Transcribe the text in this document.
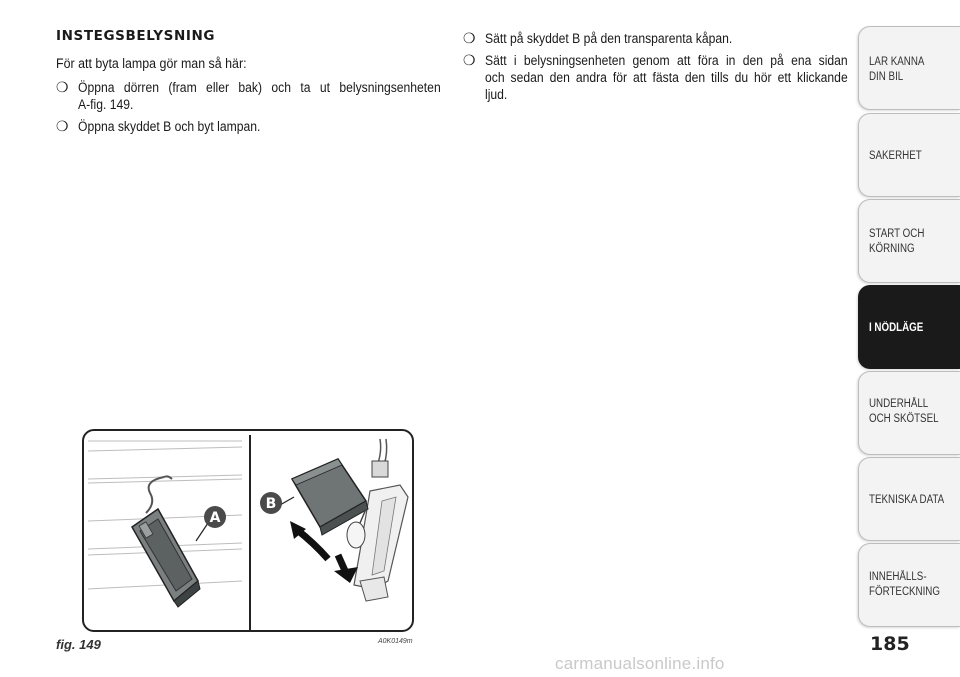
INSTEGSBELYSNING
För att byta lampa gör man så här:
❍ Öppna dörren (fram eller bak) och ta ut belysningsenheten
A-fig. 149.
❍ Öppna skyddet B och byt lampan.
❍ Sätt på skyddet B på den transparenta kåpan.
❍ Sätt i belysningsenheten genom att föra in den på ena sidan
och sedan den andra för att fästa den tills du hör ett klickande
ljud.
A
B
fig. 149	A0K0149m
LÄR KÄNNA
DIN BIL
SÄKERHET
START OCH
KÖRNING
I NÖDLÄGE
UNDERHÅLL
OCH SKÖTSEL
TEKNISKA DATA
INNEHÅLLS-
FÖRTECKNING
185
carmanualsonline.info
